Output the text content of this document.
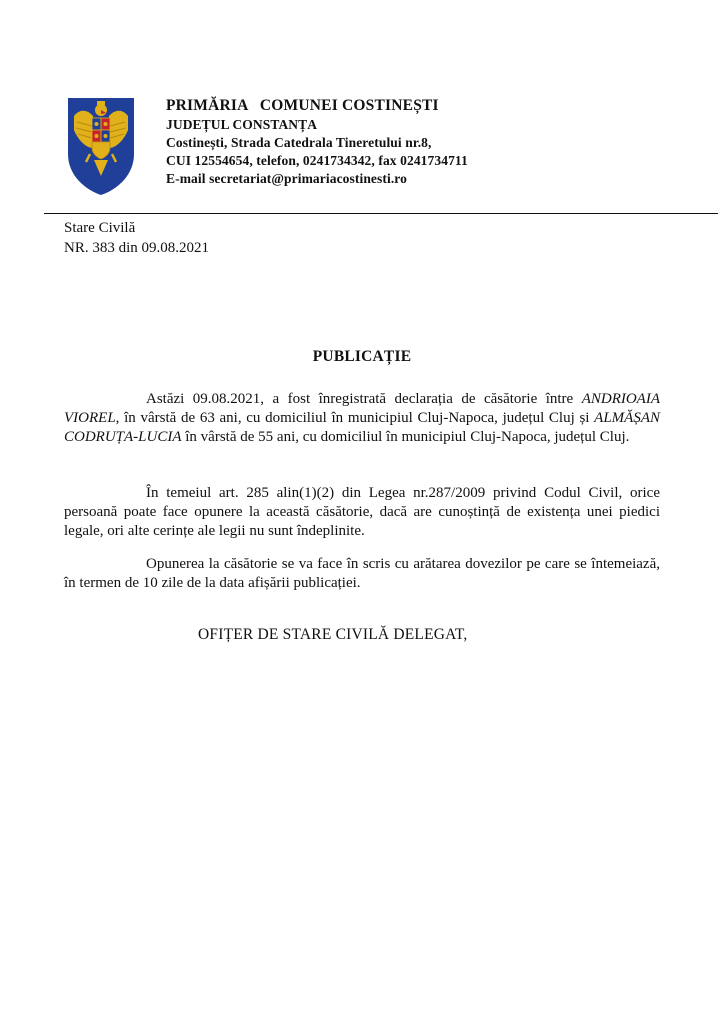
PRIMĂRIA   COMUNEI COSTINEȘTI
JUDEȚUL CONSTANȚA
Costinești, Strada Catedrala Tineretului nr.8,
CUI 12554654, telefon, 0241734342, fax 0241734711
E-mail secretariat@primariacostinesti.ro
Stare Civilă
NR. 383 din 09.08.2021
PUBLICAȚIE
Astăzi 09.08.2021, a fost înregistrată declarația de căsătorie între ANDRIOAIA VIOREL, în vârstă de 63 ani, cu domiciliul în municipiul Cluj-Napoca, județul Cluj și ALMĂȘAN CODRUȚA-LUCIA în vârstă de 55 ani, cu domiciliul în municipiul Cluj-Napoca, județul Cluj.
În temeiul art. 285 alin(1)(2) din Legea nr.287/2009 privind Codul Civil, orice persoană poate face opunere la această căsătorie, dacă are cunoștință de existența unei piedici legale, ori alte cerințe ale legii nu sunt îndeplinite.
Opunerea la căsătorie se va face în scris cu arătarea dovezilor pe care se întemeiază, în termen de 10 zile de la data afișării publicației.
OFIȚER DE STARE CIVILĂ DELEGAT,
